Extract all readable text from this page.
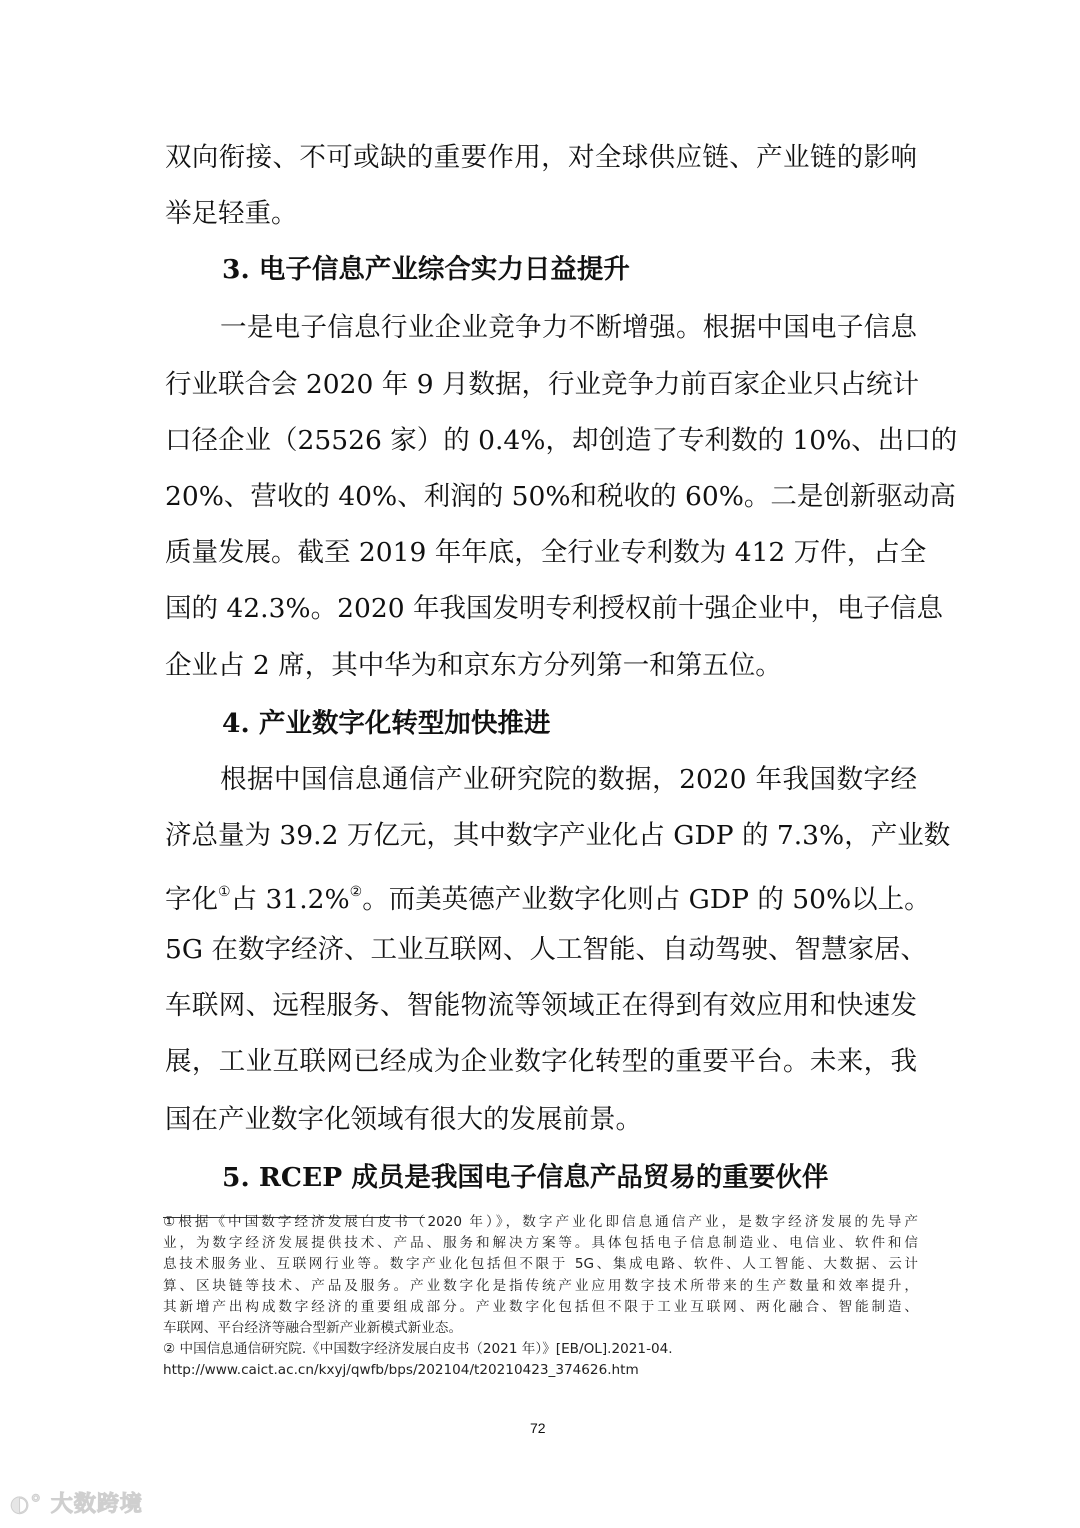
双向衔接、不可或缺的重要作用，对全球供应链、产业链的影响
举足轻重。
3. 电子信息产业综合实力日益提升
一是电子信息行业企业竞争力不断增强。根据中国电子信息
行业联合会 2020 年 9 月数据，行业竞争力前百家企业只占统计
口径企业（25526 家）的 0.4%，却创造了专利数的 10%、出口的
20%、营收的 40%、利润的 50%和税收的 60%。二是创新驱动高
质量发展。截至 2019 年年底，全行业专利数为 412 万件，占全
国的 42.3%。2020 年我国发明专利授权前十强企业中，电子信息
企业占 2 席，其中华为和京东方分列第一和第五位。
4. 产业数字化转型加快推进
根据中国信息通信产业研究院的数据，2020 年我国数字经
济总量为 39.2 万亿元，其中数字产业化占 GDP 的 7.3%，产业数
字化①占 31.2%②。而美英德产业数字化则占 GDP 的 50%以上。
5G 在数字经济、工业互联网、人工智能、自动驾驶、智慧家居、
车联网、远程服务、智能物流等领域正在得到有效应用和快速发
展，工业互联网已经成为企业数字化转型的重要平台。未来，我
国在产业数字化领域有很大的发展前景。
5. RCEP 成员是我国电子信息产品贸易的重要伙伴
①根据《中国数字经济发展白皮书（2020 年）》，数字产业化即信息通信产业，是数字经济发展的先导产
业，为数字经济发展提供技术、产品、服务和解决方案等。具体包括电子信息制造业、电信业、软件和信
息技术服务业、互联网行业等。数字产业化包括但不限于 5G、集成电路、软件、人工智能、大数据、云计
算、区块链等技术、产品及服务。产业数字化是指传统产业应用数字技术所带来的生产数量和效率提升，
其新增产出构成数字经济的重要组成部分。产业数字化包括但不限于工业互联网、两化融合、智能制造、
车联网、平台经济等融合型新产业新模式新业态。
② 中国信息通信研究院.《中国数字经济发展白皮书（2021 年）》[EB/OL].2021-04.
http://www.caict.ac.cn/kxyj/qwfb/bps/202104/t20210423_374626.htm
72
◐° 大数跨境
